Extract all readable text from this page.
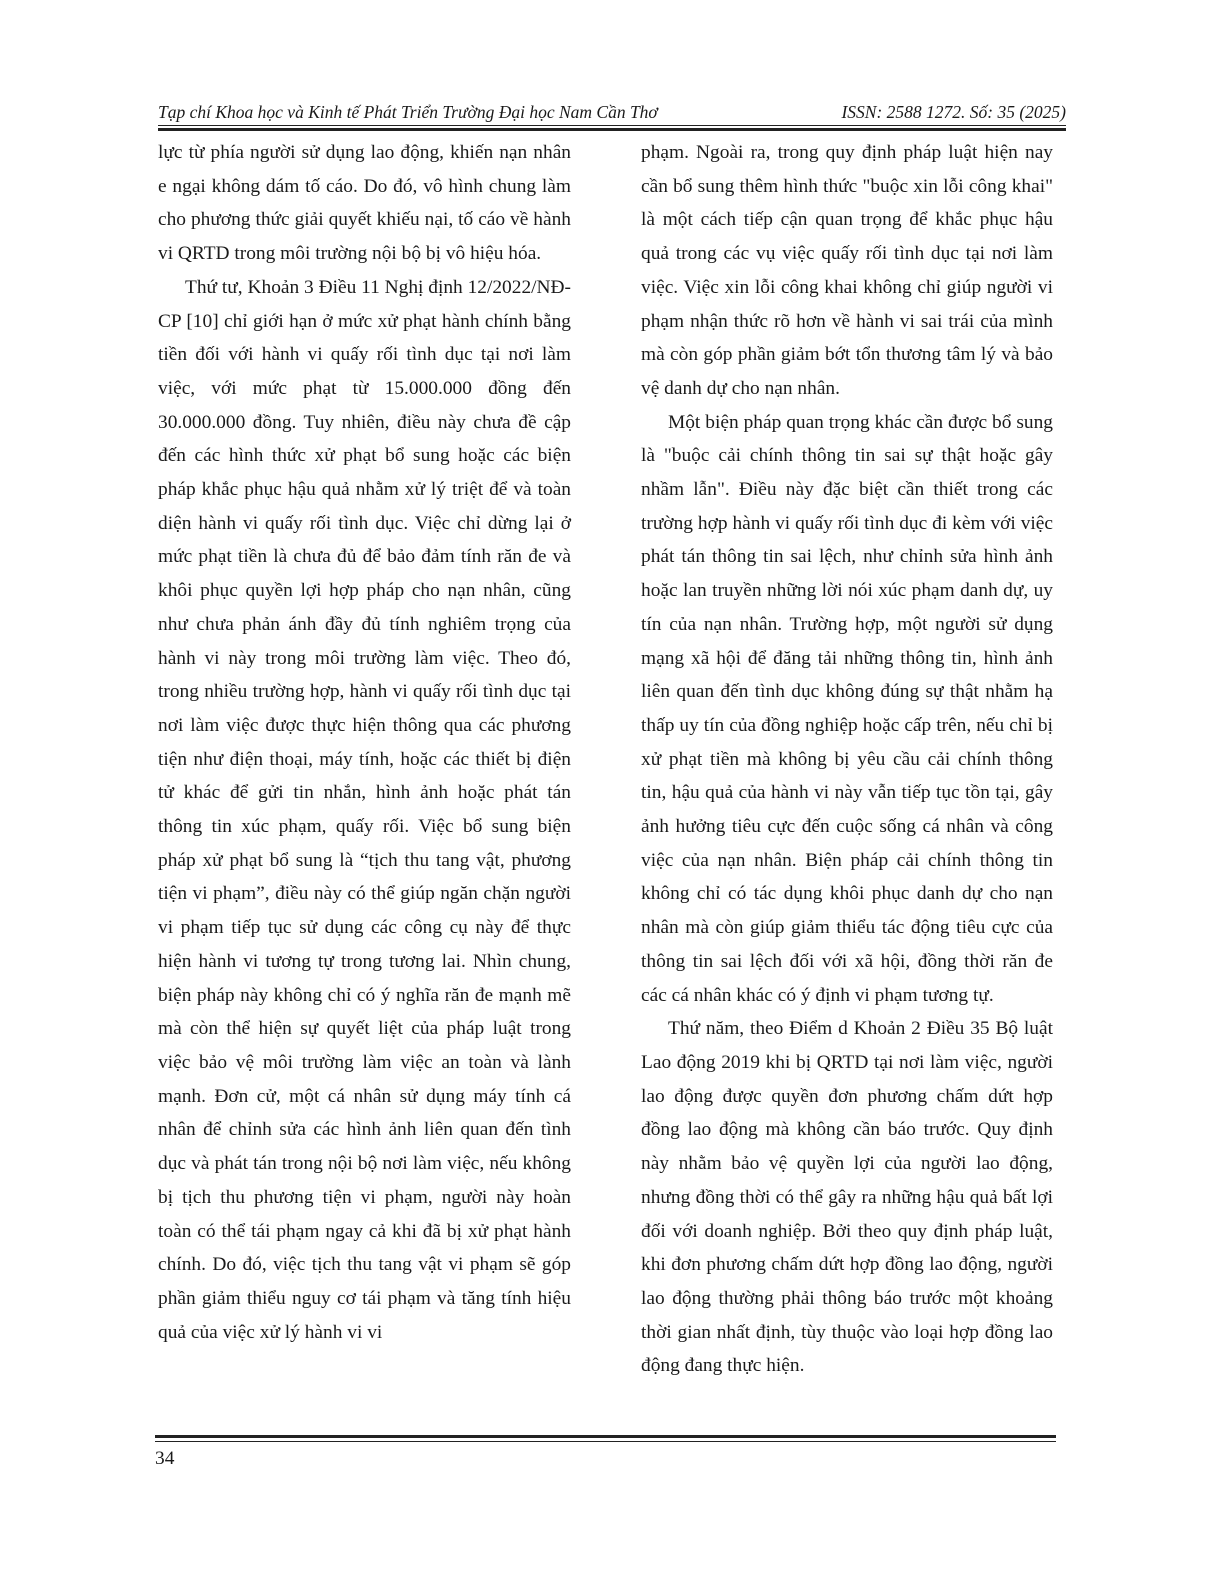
Tạp chí Khoa học và Kinh tế Phát Triển Trường Đại học Nam Cần Thơ	ISSN: 2588 1272. Số: 35 (2025)

lực từ phía người sử dụng lao động, khiến nạn nhân e ngại không dám tố cáo. Do đó, vô hình chung làm cho phương thức giải quyết khiếu nại, tố cáo về hành vi QRTD trong môi trường nội bộ bị vô hiệu hóa.

Thứ tư, Khoản 3 Điều 11 Nghị định 12/2022/NĐ-CP [10] chỉ giới hạn ở mức xử phạt hành chính bằng tiền đối với hành vi quấy rối tình dục tại nơi làm việc, với mức phạt từ 15.000.000 đồng đến 30.000.000 đồng. Tuy nhiên, điều này chưa đề cập đến các hình thức xử phạt bổ sung hoặc các biện pháp khắc phục hậu quả nhằm xử lý triệt để và toàn diện hành vi quấy rối tình dục. Việc chỉ dừng lại ở mức phạt tiền là chưa đủ để bảo đảm tính răn đe và khôi phục quyền lợi hợp pháp cho nạn nhân, cũng như chưa phản ánh đầy đủ tính nghiêm trọng của hành vi này trong môi trường làm việc. Theo đó, trong nhiều trường hợp, hành vi quấy rối tình dục tại nơi làm việc được thực hiện thông qua các phương tiện như điện thoại, máy tính, hoặc các thiết bị điện tử khác để gửi tin nhắn, hình ảnh hoặc phát tán thông tin xúc phạm, quấy rối. Việc bổ sung biện pháp xử phạt bổ sung là “tịch thu tang vật, phương tiện vi phạm”, điều này có thể giúp ngăn chặn người vi phạm tiếp tục sử dụng các công cụ này để thực hiện hành vi tương tự trong tương lai. Nhìn chung, biện pháp này không chỉ có ý nghĩa răn đe mạnh mẽ mà còn thể hiện sự quyết liệt của pháp luật trong việc bảo vệ môi trường làm việc an toàn và lành mạnh. Đơn cử, một cá nhân sử dụng máy tính cá nhân để chỉnh sửa các hình ảnh liên quan đến tình dục và phát tán trong nội bộ nơi làm việc, nếu không bị tịch thu phương tiện vi phạm, người này hoàn toàn có thể tái phạm ngay cả khi đã bị xử phạt hành chính. Do đó, việc tịch thu tang vật vi phạm sẽ góp phần giảm thiểu nguy cơ tái phạm và tăng tính hiệu quả của việc xử lý hành vi vi

phạm. Ngoài ra, trong quy định pháp luật hiện nay cần bổ sung thêm hình thức "buộc xin lỗi công khai" là một cách tiếp cận quan trọng để khắc phục hậu quả trong các vụ việc quấy rối tình dục tại nơi làm việc. Việc xin lỗi công khai không chỉ giúp người vi phạm nhận thức rõ hơn về hành vi sai trái của mình mà còn góp phần giảm bớt tổn thương tâm lý và bảo vệ danh dự cho nạn nhân.

Một biện pháp quan trọng khác cần được bổ sung là "buộc cải chính thông tin sai sự thật hoặc gây nhầm lẫn". Điều này đặc biệt cần thiết trong các trường hợp hành vi quấy rối tình dục đi kèm với việc phát tán thông tin sai lệch, như chỉnh sửa hình ảnh hoặc lan truyền những lời nói xúc phạm danh dự, uy tín của nạn nhân. Trường hợp, một người sử dụng mạng xã hội để đăng tải những thông tin, hình ảnh liên quan đến tình dục không đúng sự thật nhằm hạ thấp uy tín của đồng nghiệp hoặc cấp trên, nếu chỉ bị xử phạt tiền mà không bị yêu cầu cải chính thông tin, hậu quả của hành vi này vẫn tiếp tục tồn tại, gây ảnh hưởng tiêu cực đến cuộc sống cá nhân và công việc của nạn nhân. Biện pháp cải chính thông tin không chỉ có tác dụng khôi phục danh dự cho nạn nhân mà còn giúp giảm thiểu tác động tiêu cực của thông tin sai lệch đối với xã hội, đồng thời răn đe các cá nhân khác có ý định vi phạm tương tự.

Thứ năm, theo Điểm d Khoản 2 Điều 35 Bộ luật Lao động 2019 khi bị QRTD tại nơi làm việc, người lao động được quyền đơn phương chấm dứt hợp đồng lao động mà không cần báo trước. Quy định này nhằm bảo vệ quyền lợi của người lao động, nhưng đồng thời có thể gây ra những hậu quả bất lợi đối với doanh nghiệp. Bởi theo quy định pháp luật, khi đơn phương chấm dứt hợp đồng lao động, người lao động thường phải thông báo trước một khoảng thời gian nhất định, tùy thuộc vào loại hợp đồng lao động đang thực hiện.

34
